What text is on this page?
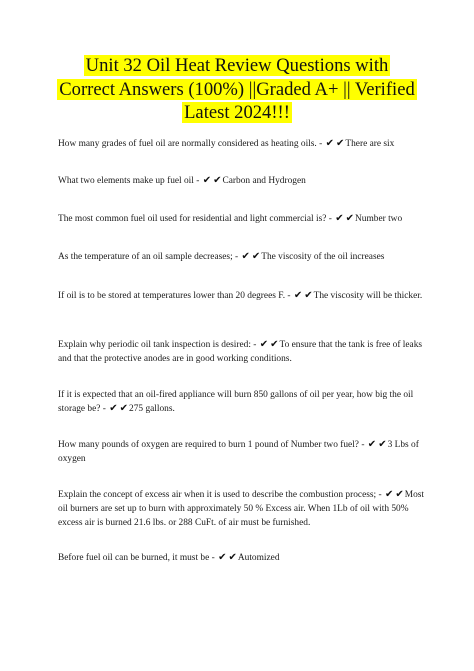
Unit 32 Oil Heat Review Questions with
Correct Answers (100%) ||Graded A+ || Verified
Latest 2024!!!
How many grades of fuel oil are normally considered as heating oils. - ✔ ✔There are six
What two elements make up fuel oil - ✔ ✔Carbon and Hydrogen
The most common fuel oil used for residential and light commercial is? - ✔ ✔Number two
As the temperature of an oil sample decreases; - ✔ ✔The viscosity of the oil increases
If oil is to be stored at temperatures lower than 20 degrees F. - ✔ ✔The viscosity will be thicker.
Explain why periodic oil tank inspection is desired: - ✔ ✔To ensure that the tank is free of leaks and that the protective anodes are in good working conditions.
If it is expected that an oil-fired appliance will burn 850 gallons of oil per year, how big the oil storage be? - ✔ ✔275 gallons.
How many pounds of oxygen are required to burn 1 pound of Number two fuel? - ✔ ✔3 Lbs of oxygen
Explain the concept of excess air when it is used to describe the combustion process; - ✔ ✔Most oil burners are set up to burn with approximately 50 % Excess air. When 1Lb of oil with 50% excess air is burned 21.6 lbs. or 288 CuFt. of air must be furnished.
Before fuel oil can be burned, it must be - ✔ ✔Automized
